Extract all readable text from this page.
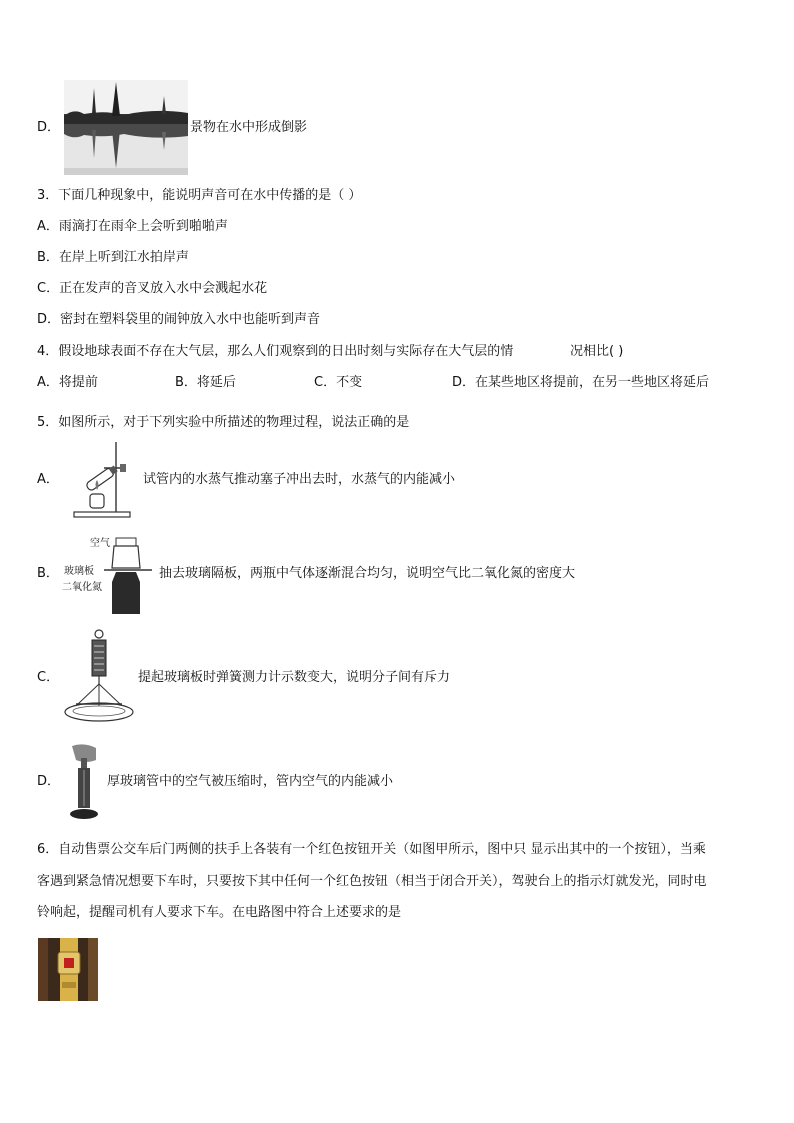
D．	景物在水中形成倒影
3．下面几种现象中，能说明声音可在水中传播的是（ ）
A．雨滴打在雨伞上会听到啪啪声
B．在岸上听到江水拍岸声
C．正在发声的音叉放入水中会溅起水花
D．密封在塑料袋里的闹钟放入水中也能听到声音
4．假设地球表面不存在大气层，那么人们观察到的日出时刻与实际存在大气层的情	况相比( )
A．将提前	B．将延后	C．不变	D．在某些地区将提前，在另一些地区将延后
5．如图所示，对于下列实验中所描述的物理过程，说法正确的是
A．	试管内的水蒸气推动塞子冲出去时，水蒸气的内能减小
B．
空气
玻璃板
二氧化氮
抽去玻璃隔板，两瓶中气体逐渐混合均匀，说明空气比二氧化氮的密度大
C．	提起玻璃板时弹簧测力计示数变大，说明分子间有斥力
D．	厚玻璃管中的空气被压缩时，管内空气的内能减小
6．自动售票公交车后门两侧的扶手上各装有一个红色按钮开关（如图甲所示，图中只 显示出其中的一个按钮），当乘
客遇到紧急情况想要下车时，只要按下其中任何一个红色按钮（相当于闭合开关），驾驶台上的指示灯就发光，同时电
铃响起，提醒司机有人要求下车。在电路图中符合上述要求的是
